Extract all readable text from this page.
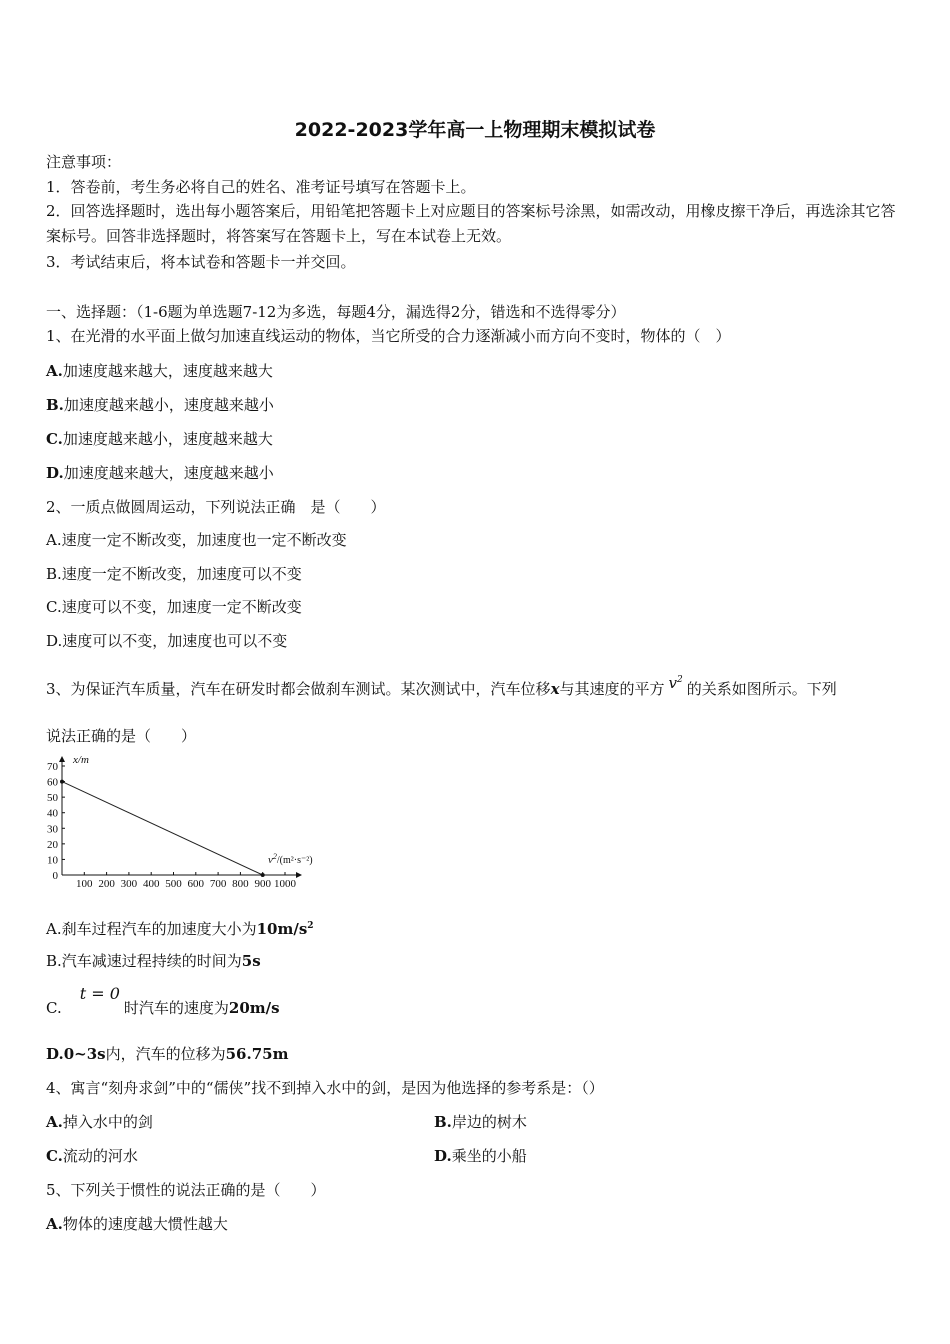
2022-2023学年高一上物理期末模拟试卷
注意事项：
1．答卷前，考生务必将自己的姓名、准考证号填写在答题卡上。
2．回答选择题时，选出每小题答案后，用铅笔把答题卡上对应题目的答案标号涂黑，如需改动，用橡皮擦干净后，再选涂其它答案标号。回答非选择题时，将答案写在答题卡上，写在本试卷上无效。
3．考试结束后，将本试卷和答题卡一并交回。
一、选择题：（1-6题为单选题7-12为多选，每题4分，漏选得2分，错选和不选得零分）
1、在光滑的水平面上做匀加速直线运动的物体，当它所受的合力逐渐减小而方向不变时，物体的（　）
A.加速度越来越大，速度越来越大
B.加速度越来越小，速度越来越小
C.加速度越来越小，速度越来越大
D.加速度越来越大，速度越来越小
2、一质点做圆周运动，下列说法正确　是（　　）
A.速度一定不断改变，加速度也一定不断改变
B.速度一定不断改变，加速度可以不变
C.速度可以不变，加速度一定不断改变
D.速度可以不变，加速度也可以不变
3、为保证汽车质量，汽车在研发时都会做刹车测试。某次测试中，汽车位移x与其速度的平方 $v^2$ 的关系如图所示。下列
说法正确的是（　　）
0
10
20
30
40
50
60
70
100 200 300 400 500 600 700 800 900 1000
x/m
$v^2/(m^2\cdot s^{-2})$
A.刹车过程汽车的加速度大小为$10m/s^2$
B.汽车减速过程持续的时间为5s
C.t = 0时汽车的速度为20m/s
D.0~3s内，汽车的位移为56.75m
4、寓言“刻舟求剑”中的“儒侠”找不到掉入水中的剑，是因为他选择的参考系是：（）
A.掉入水中的剑	B.岸边的树木
C.流动的河水	D.乘坐的小船
5、下列关于惯性的说法正确的是（　　）
A.物体的速度越大惯性越大
